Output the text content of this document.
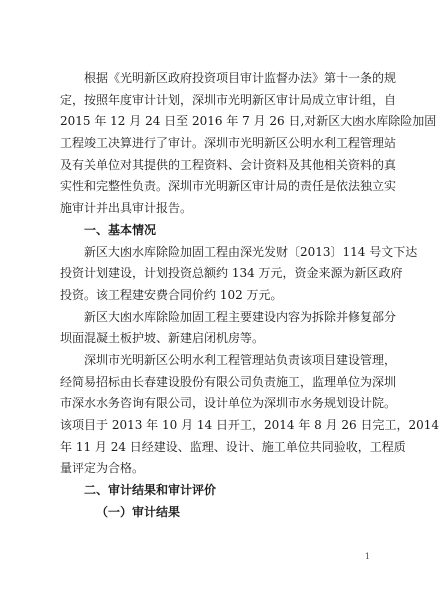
根据《光明新区政府投资项目审计监督办法》第十一条的规
定，按照年度审计计划，深圳市光明新区审计局成立审计组，自
2015 年 12 月 24 日至 2016 年 7 月 26 日,对新区大凼水库除险加固
工程竣工决算进行了审计。深圳市光明新区公明水利工程管理站
及有关单位对其提供的工程资料、会计资料及其他相关资料的真
实性和完整性负责。深圳市光明新区审计局的责任是依法独立实
施审计并出具审计报告。
一、基本情况
新区大凼水库除险加固工程由深光发财〔2013〕114 号文下达
投资计划建设，计划投资总额约 134 万元，资金来源为新区政府
投资。该工程建安费合同价约 102 万元。
新区大凼水库除险加固工程主要建设内容为拆除并修复部分
坝面混凝土板护坡、新建启闭机房等。
深圳市光明新区公明水利工程管理站负责该项目建设管理，
经简易招标由长春建设股份有限公司负责施工，监理单位为深圳
市深水水务咨询有限公司，设计单位为深圳市水务规划设计院。
该项目于 2013 年 10 月 14 日开工，2014 年 8 月 26 日完工，2014
年 11 月 24 日经建设、监理、设计、施工单位共同验收，工程质
量评定为合格。
二、审计结果和审计评价
（一）审计结果
1
